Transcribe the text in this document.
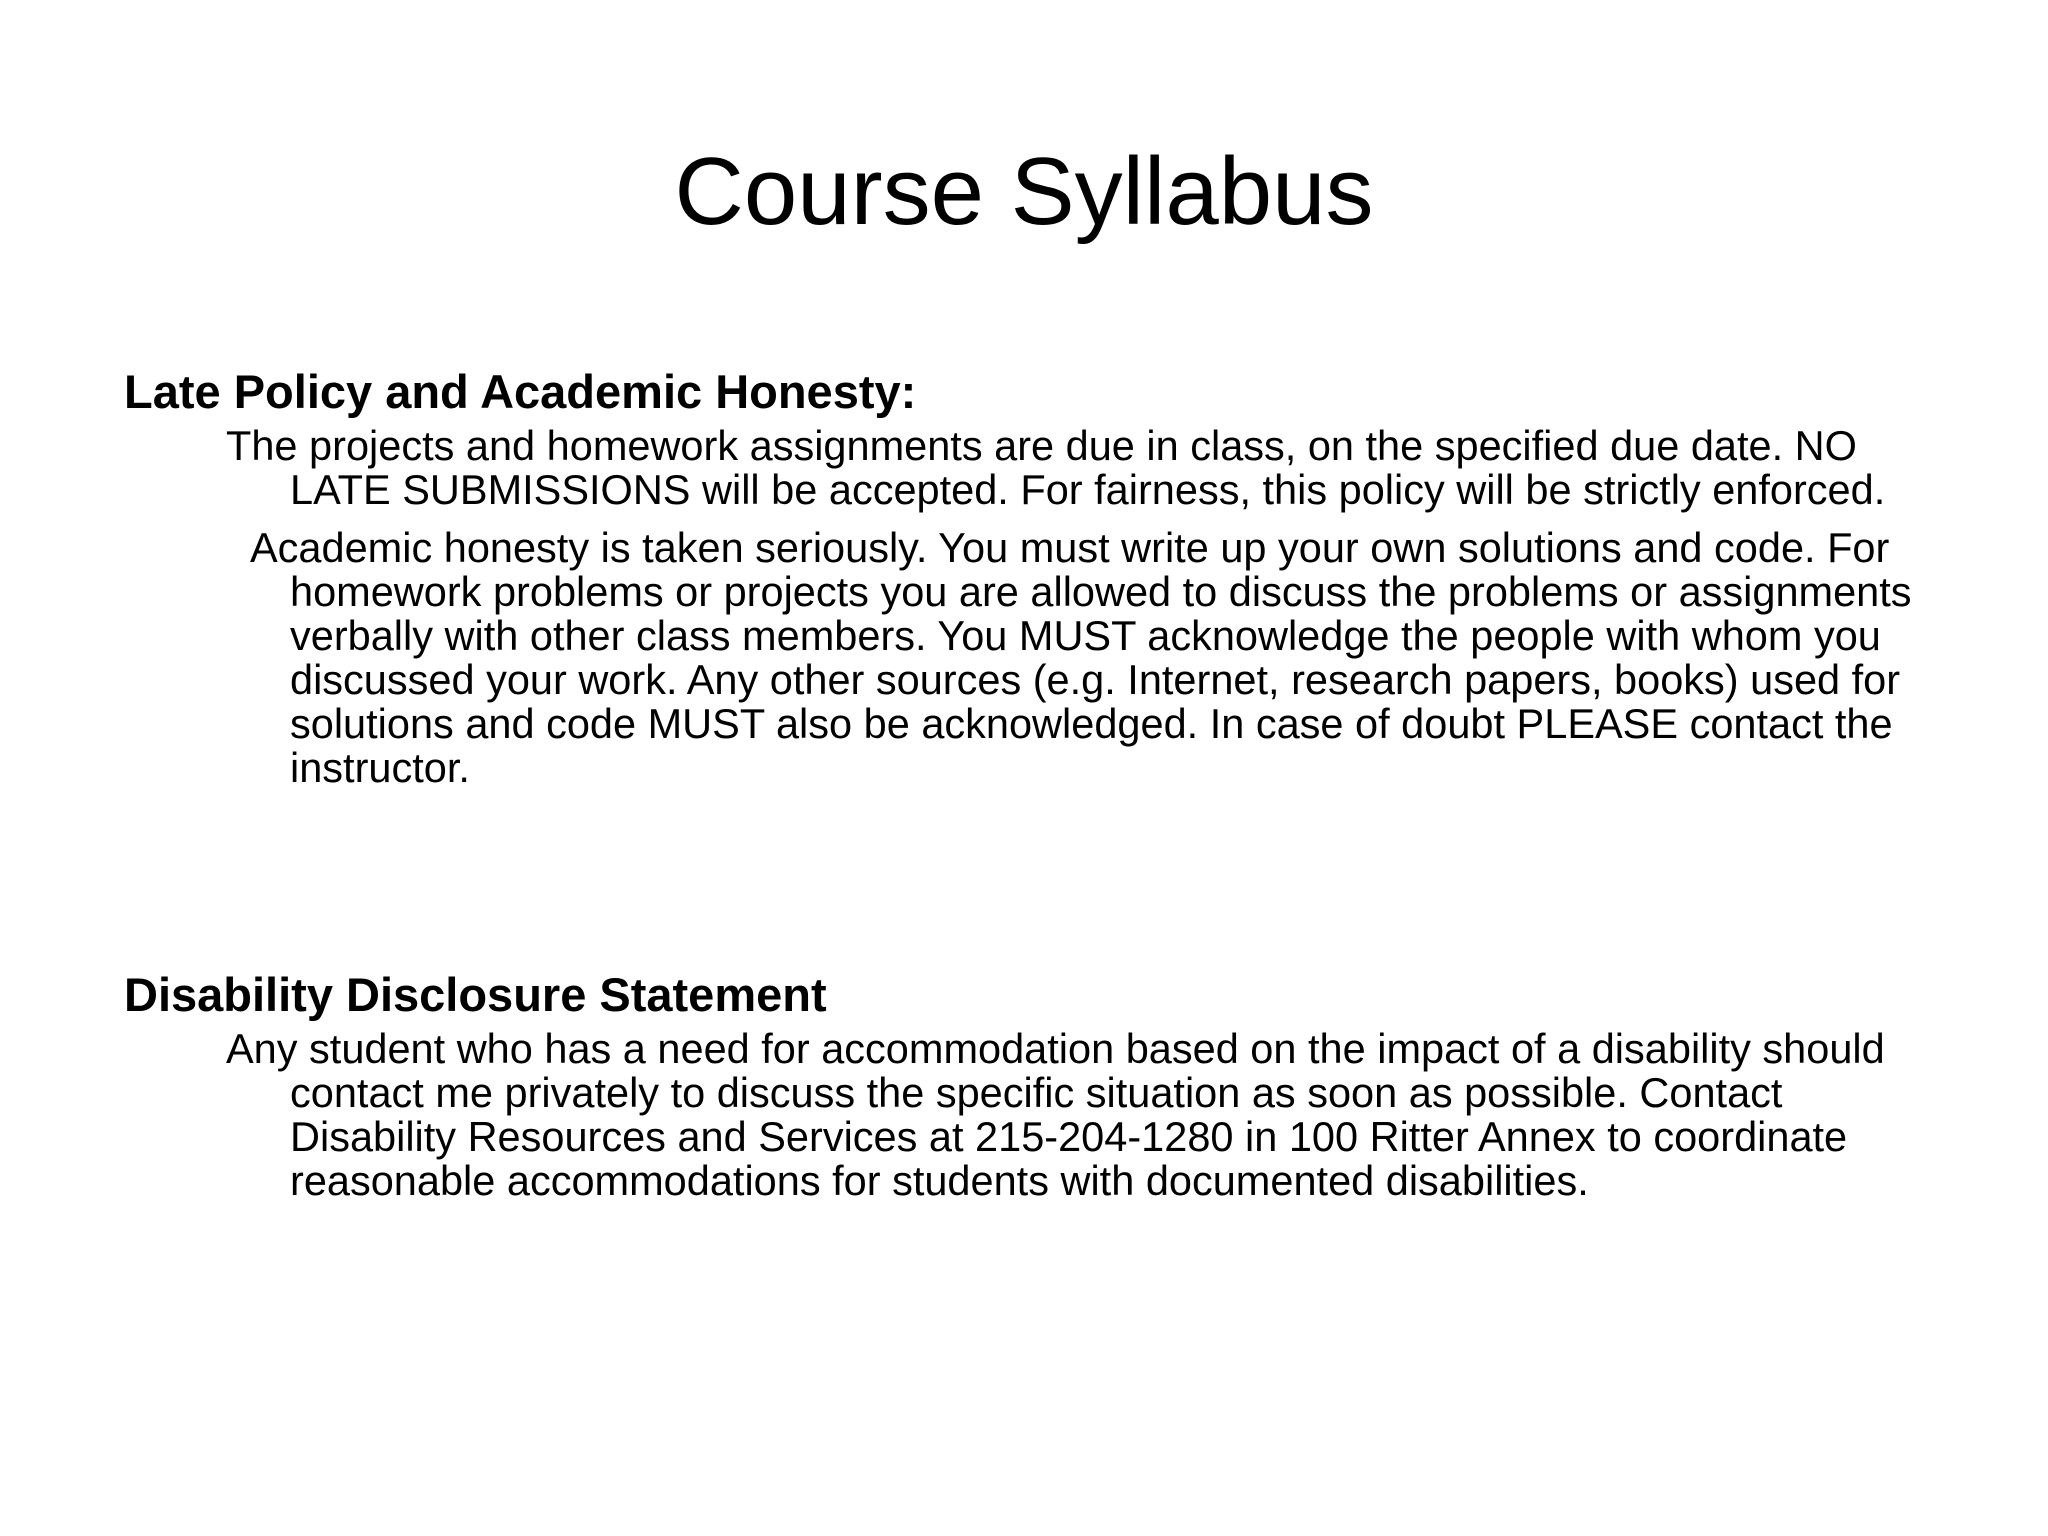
Course Syllabus
Late Policy and Academic Honesty:

The projects and homework assignments are due in class, on the specified due date. NO LATE SUBMISSIONS will be accepted. For fairness, this policy will be strictly enforced.

Academic honesty is taken seriously. You must write up your own solutions and code. For homework problems or projects you are allowed to discuss the problems or assignments verbally with other class members. You MUST acknowledge the people with whom you discussed your work. Any other sources (e.g. Internet, research papers, books) used for solutions and code MUST also be acknowledged. In case of doubt PLEASE contact the instructor.

Disability Disclosure Statement

Any student who has a need for accommodation based on the impact of a disability should contact me privately to discuss the specific situation as soon as possible. Contact Disability Resources and Services at 215-204-1280 in 100 Ritter Annex to coordinate reasonable accommodations for students with documented disabilities.
